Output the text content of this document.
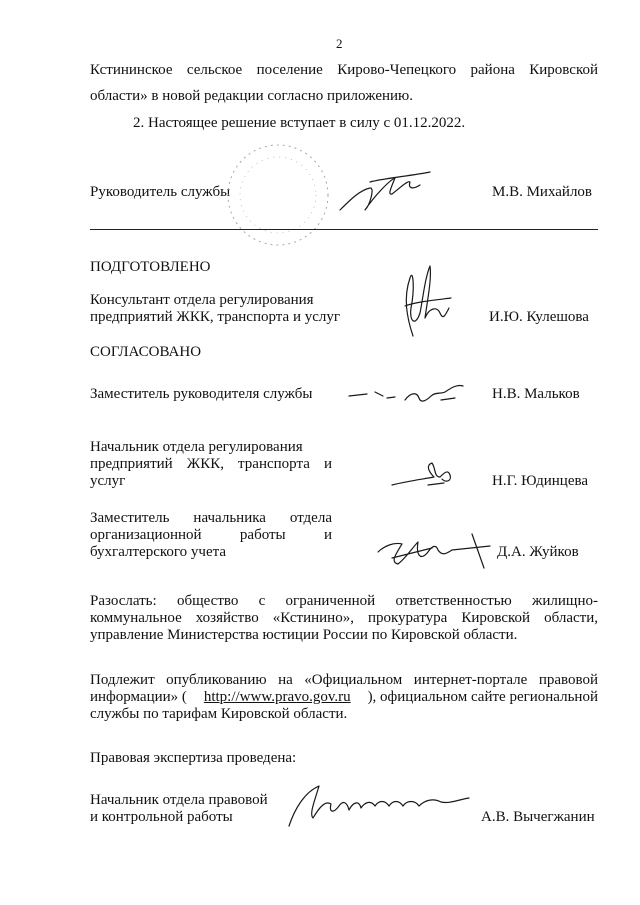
2
Кстининское сельское поселение Кирово-Чепецкого района Кировской
области» в новой редакции согласно приложению.
2. Настоящее решение вступает в силу с 01.12.2022.
Руководитель службы	М.В. Михайлов
ПОДГОТОВЛЕНО
Консультант отдела регулирования
предприятий ЖКК, транспорта и услуг	И.Ю. Кулешова
СОГЛАСОВАНО
Заместитель руководителя службы	Н.В. Мальков
Начальник отдела регулирования
предприятий ЖКК, транспорта и
услуг	Н.Г. Юдинцева
Заместитель начальника отдела
организационной	работы	и
бухгалтерского учета	Д.А. Жуйков
Разослать: общество с ограниченной ответственностью жилищно-
коммунальное хозяйство «Кстинино», прокуратура Кировской области,
управление Министерства юстиции России по Кировской области.
Подлежит опубликованию на «Официальном интернет-портале правовой
информации» ( http://www.pravo.gov.ru ), официальном сайте региональной
службы по тарифам Кировской области.
Правовая экспертиза проведена:
Начальник отдела правовой
и контрольной работы	А.В. Вычегжанин
